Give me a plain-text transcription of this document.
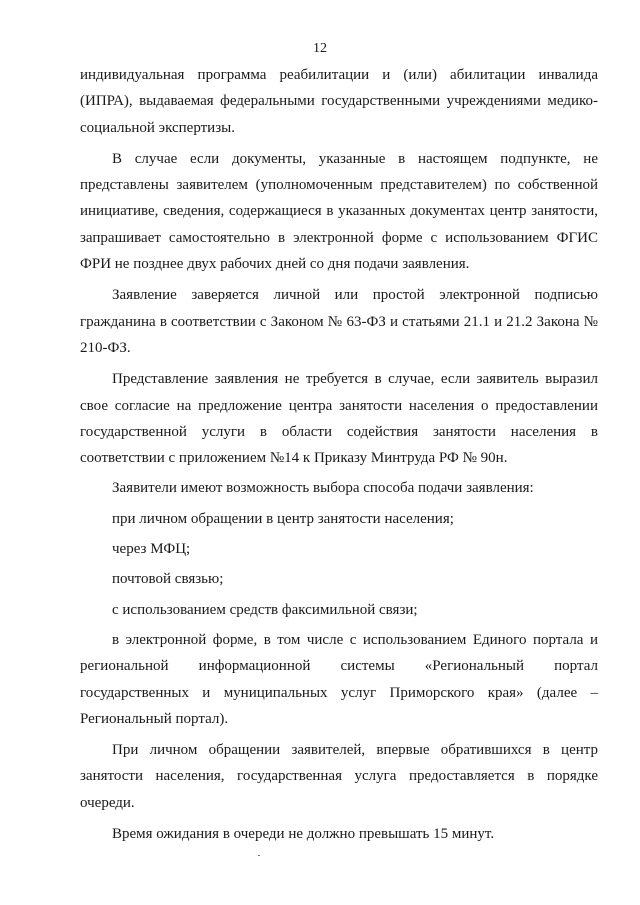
12

индивидуальная программа реабилитации и (или) абилитации инвалида (ИПРА), выдаваемая федеральными государственными учреждениями медико-социальной экспертизы.

В случае если документы, указанные в настоящем подпункте, не представлены заявителем (уполномоченным представителем) по собственной инициативе, сведения, содержащиеся в указанных документах центр занятости, запрашивает самостоятельно в электронной форме с использованием ФГИС ФРИ не позднее двух рабочих дней со дня подачи заявления.

Заявление заверяется личной или простой электронной подписью гражданина в соответствии с Законом № 63-ФЗ и статьями 21.1 и 21.2 Закона № 210-ФЗ.

Представление заявления не требуется в случае, если заявитель выразил свое согласие на предложение центра занятости населения о предоставлении государственной услуги в области содействия занятости населения в соответствии с приложением №14 к Приказу Минтруда РФ № 90н.

Заявители имеют возможность выбора способа подачи заявления:

при личном обращении в центр занятости населения;

через МФЦ;

почтовой связью;

с использованием средств факсимильной связи;

в электронной форме, в том числе с использованием Единого портала и региональной информационной системы «Региональный портал государственных и муниципальных услуг Приморского края» (далее – Региональный портал).

При личном обращении заявителей, впервые обратившихся в центр занятости населения, государственная услуга предоставляется в порядке очереди.

Время ожидания в очереди не должно превышать 15 минут.
